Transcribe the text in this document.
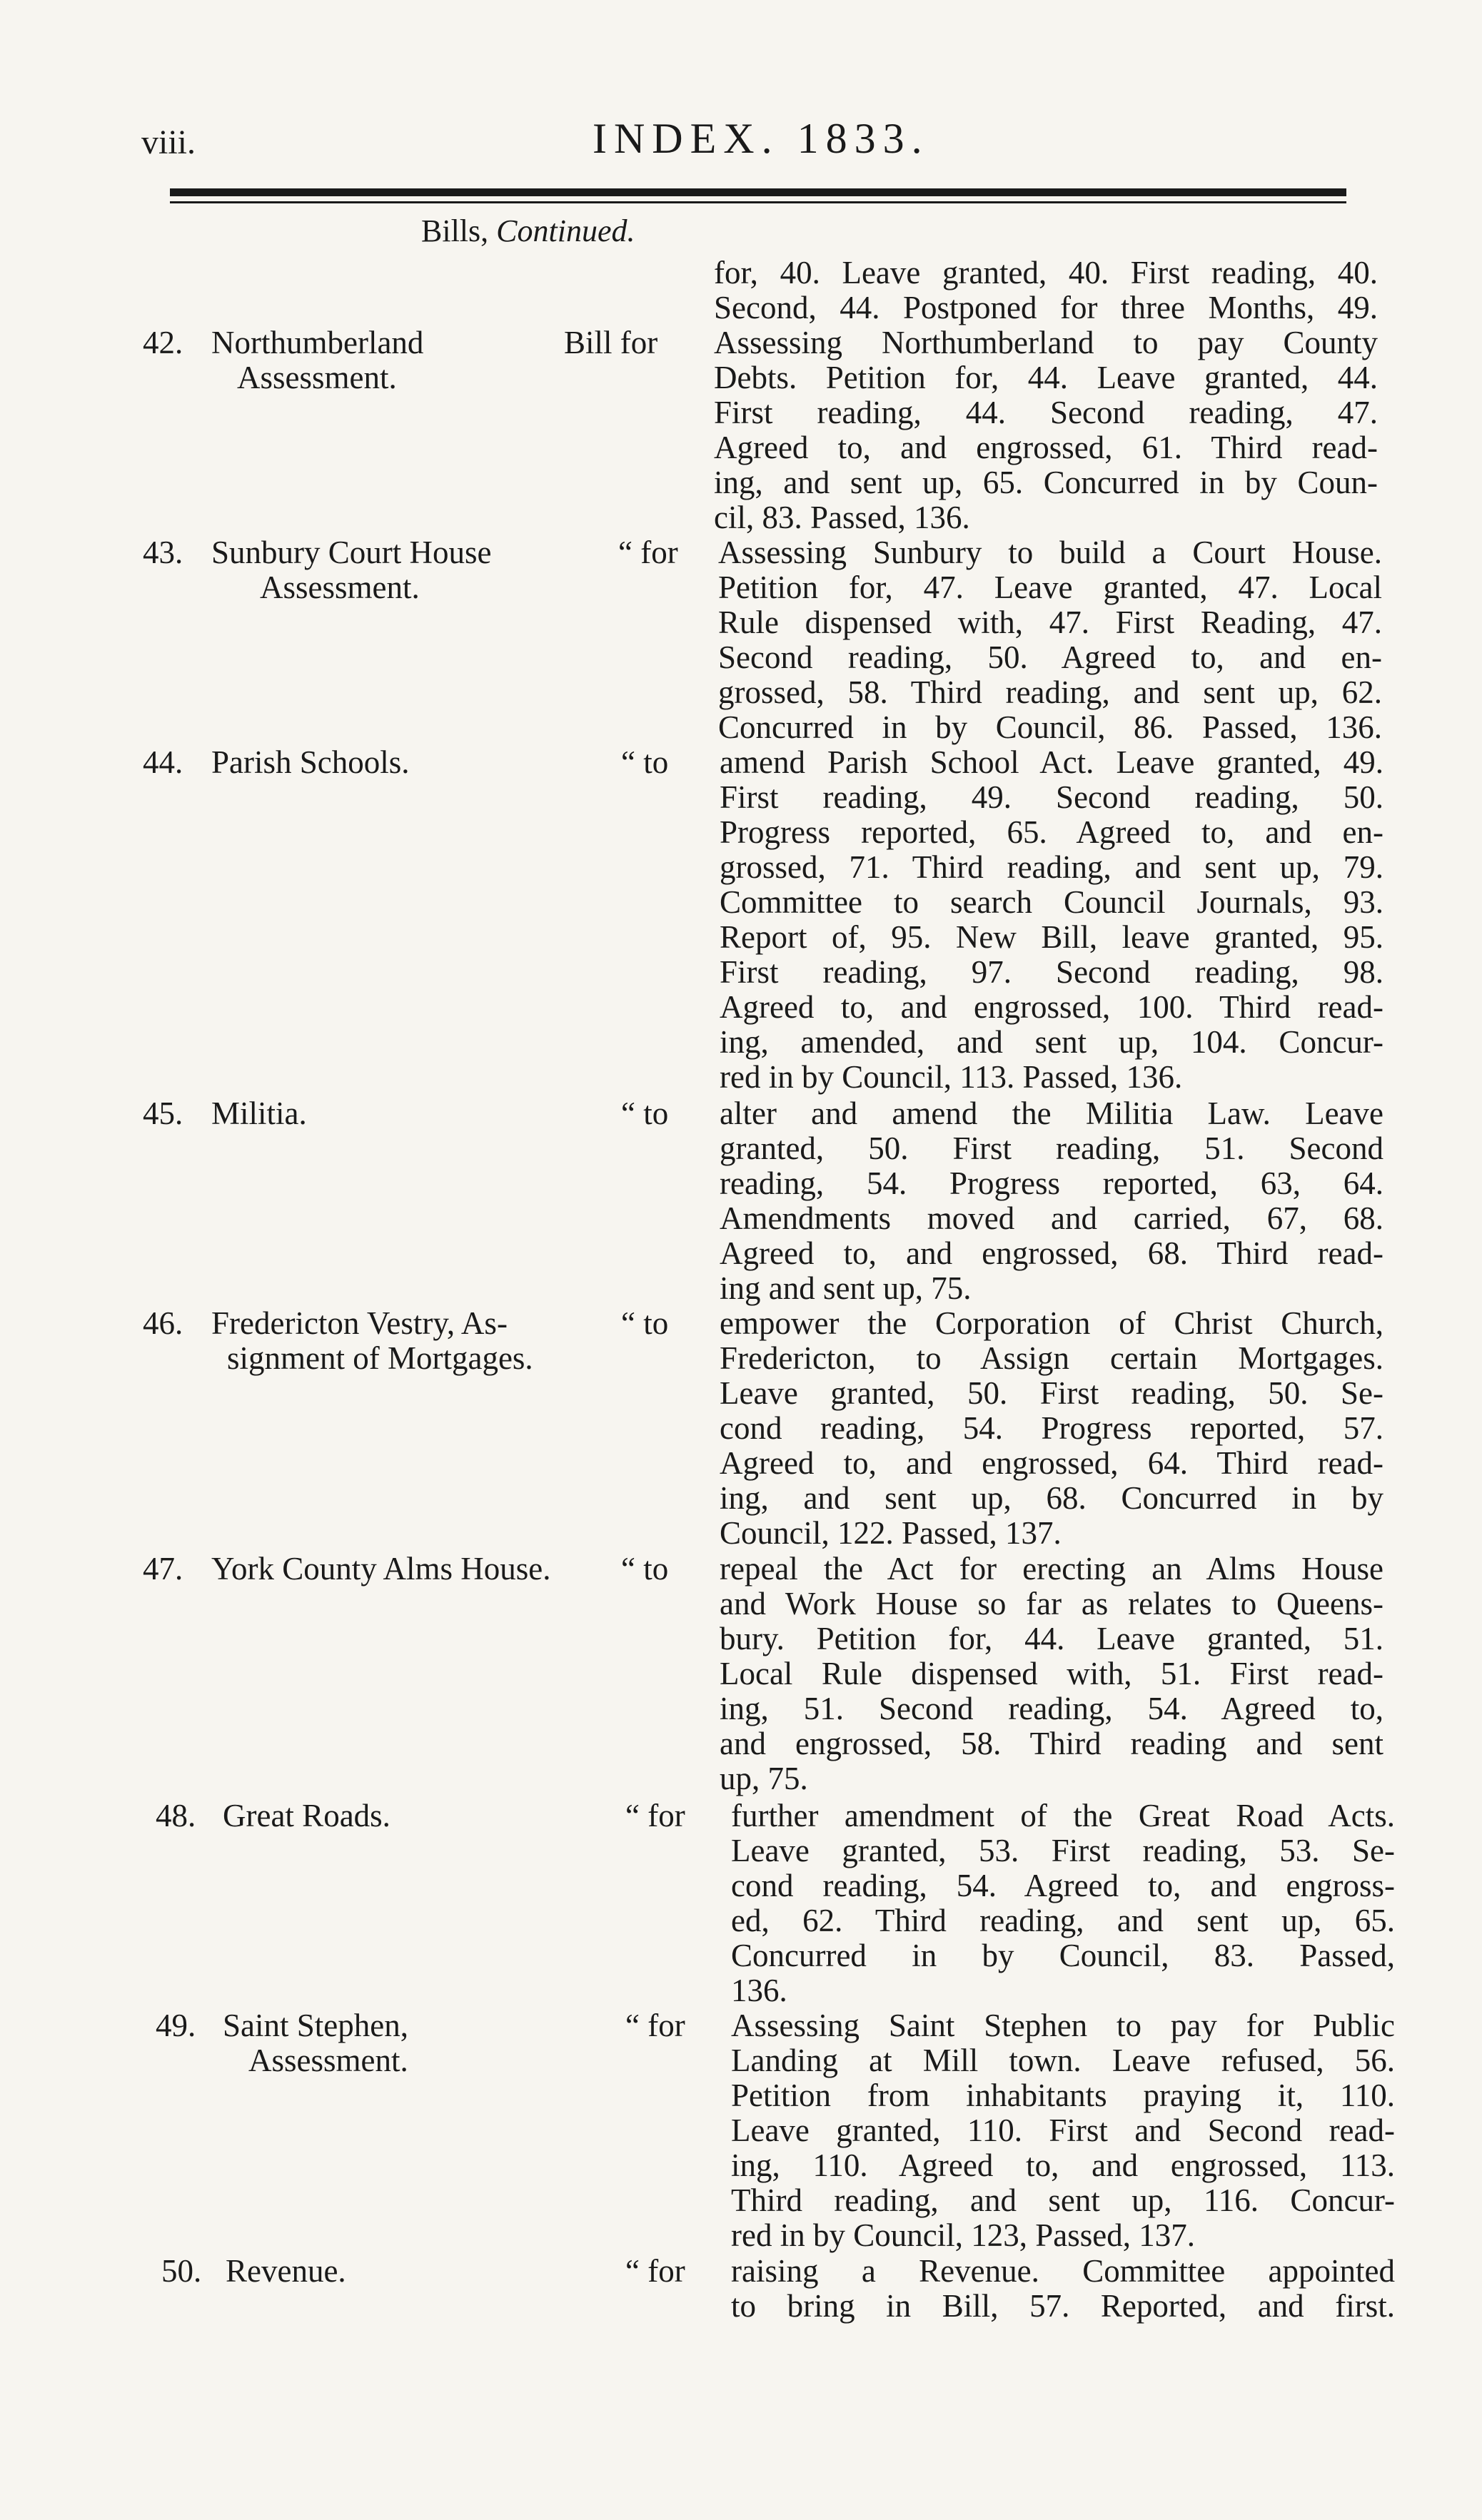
viii.	INDEX. 1833.
Bills, Continued.
for, 40. Leave granted, 40. First reading, 40.
Second, 44. Postponed for three Months, 49.
42. Northumberland
Assessment.
Bill for Assessing Northumberland to pay County
Debts. Petition for, 44. Leave granted, 44.
First reading, 44. Second reading, 47.
Agreed to, and engrossed, 61. Third read-
ing, and sent up, 65. Concurred in by Coun-
cil, 83. Passed, 136.
43. Sunbury Court House
Assessment.
“ for Assessing Sunbury to build a Court House.
Petition for, 47. Leave granted, 47. Local
Rule dispensed with, 47. First Reading, 47.
Second reading, 50. Agreed to, and en-
grossed, 58. Third reading, and sent up, 62.
Concurred in by Council, 86. Passed, 136.
44. Parish Schools.	“ to amend Parish School Act. Leave granted, 49.
First reading, 49. Second reading, 50.
Progress reported, 65. Agreed to, and en-
grossed, 71. Third reading, and sent up, 79.
Committee to search Council Journals, 93.
Report of, 95. New Bill, leave granted, 95.
First reading, 97. Second reading, 98.
Agreed to, and engrossed, 100. Third read-
ing, amended, and sent up, 104. Concur-
red in by Council, 113. Passed, 136.
45. Militia.	“ to alter and amend the Militia Law. Leave
granted, 50. First reading, 51. Second
reading, 54. Progress reported, 63, 64.
Amendments moved and carried, 67, 68.
Agreed to, and engrossed, 68. Third read-
ing and sent up, 75.
46. Fredericton Vestry, As-
signment of Mortgages.
“ to empower the Corporation of Christ Church,
Fredericton, to Assign certain Mortgages.
Leave granted, 50. First reading, 50. Se-
cond reading, 54. Progress reported, 57.
Agreed to, and engrossed, 64. Third read-
ing, and sent up, 68. Concurred in by
Council, 122. Passed, 137.
47. York County Alms House.	“ to repeal the Act for erecting an Alms House
and Work House so far as relates to Queens-
bury. Petition for, 44. Leave granted, 51.
Local Rule dispensed with, 51. First read-
ing, 51. Second reading, 54. Agreed to,
and engrossed, 58. Third reading and sent
up, 75.
48. Great Roads.	“ for further amendment of the Great Road Acts.
Leave granted, 53. First reading, 53. Se-
cond reading, 54. Agreed to, and engross-
ed, 62. Third reading, and sent up, 65.
Concurred in by Council, 83. Passed,
136.
49. Saint Stephen,
Assessment.
“ for Assessing Saint Stephen to pay for Public
Landing at Mill town. Leave refused, 56.
Petition from inhabitants praying it, 110.
Leave granted, 110. First and Second read-
ing, 110. Agreed to, and engrossed, 113.
Third reading, and sent up, 116. Concur-
red in by Council, 123, Passed, 137.
50. Revenue.	“ for raising a Revenue. Committee appointed
to bring in Bill, 57. Reported, and first.
